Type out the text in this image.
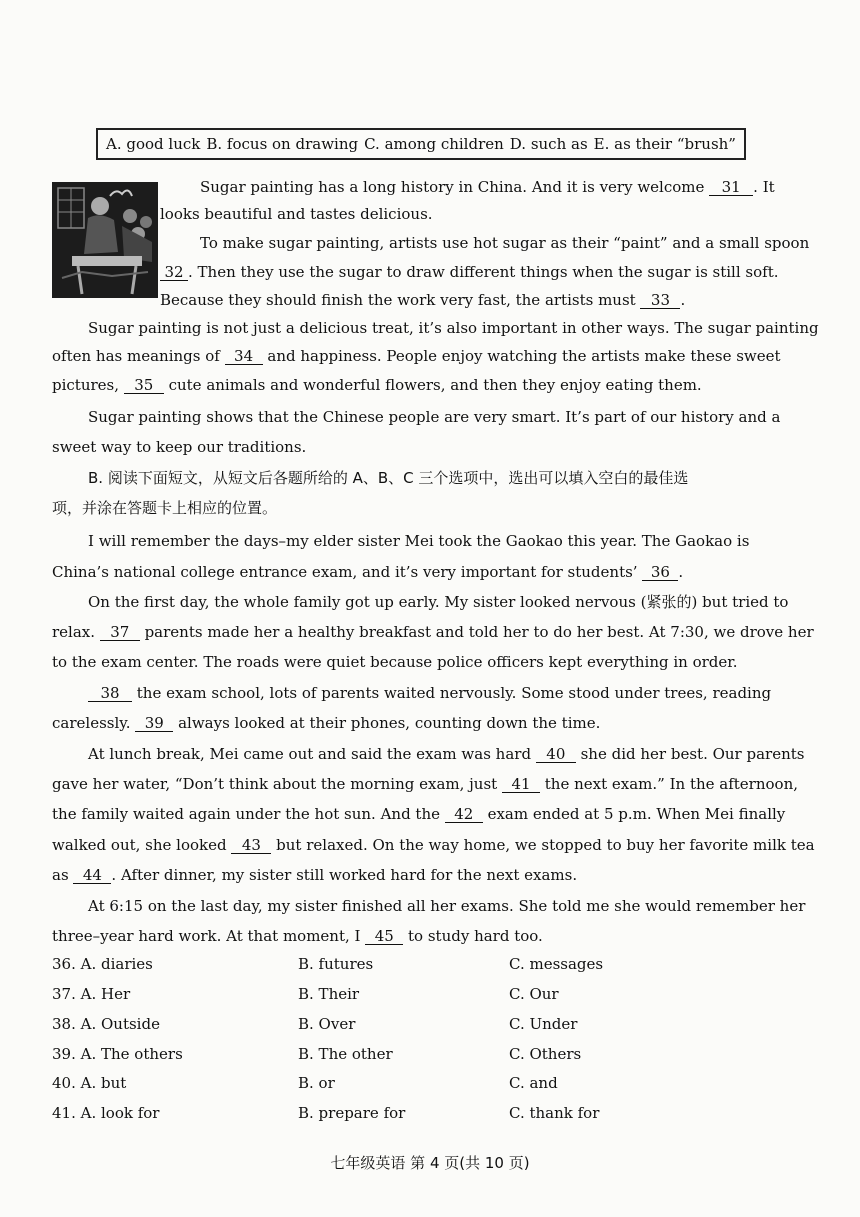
A. good luck B. focus on drawing C. among children D. such as E. as their “brush”
Sugar painting has a long history in China. And it is very welcome 31 . It
looks beautiful and tastes delicious.
To make sugar painting, artists use hot sugar as their “paint” and a small spoon
32 . Then they use the sugar to draw different things when the sugar is still soft.
Because they should finish the work very fast, the artists must 33 .
Sugar painting is not just a delicious treat, it’s also important in other ways. The sugar painting
often has meanings of 34 and happiness. People enjoy watching the artists make these sweet
pictures, 35 cute animals and wonderful flowers, and then they enjoy eating them.
Sugar painting shows that the Chinese people are very smart. It’s part of our history and a
sweet way to keep our traditions.
B. 阅读下面短文，从短文后各题所给的 A、B、C 三个选项中，选出可以填入空白的最佳选
项，并涂在答题卡上相应的位置。
I will remember the days–my elder sister Mei took the Gaokao this year. The Gaokao is
China’s national college entrance exam, and it’s very important for students’ 36 .
On the first day, the whole family got up early. My sister looked nervous (紧张的) but tried to
relax. 37 parents made her a healthy breakfast and told her to do her best. At 7:30, we drove her
to the exam center. The roads were quiet because police officers kept everything in order.
38 the exam school, lots of parents waited nervously. Some stood under trees, reading
carelessly. 39 always looked at their phones, counting down the time.
At lunch break, Mei came out and said the exam was hard 40 she did her best. Our parents
gave her water, “Don’t think about the morning exam, just 41 the next exam.” In the afternoon,
the family waited again under the hot sun. And the 42 exam ended at 5 p.m. When Mei finally
walked out, she looked 43 but relaxed. On the way home, we stopped to buy her favorite milk tea
as 44 . After dinner, my sister still worked hard for the next exams.
At 6:15 on the last day, my sister finished all her exams. She told me she would remember her
three–year hard work. At that moment, I 45 to study hard too.
36. A. diaries	B. futures	C. messages
37. A. Her	B. Their	C. Our
38. A. Outside	B. Over	C. Under
39. A. The others	B. The other	C. Others
40. A. but	B. or	C. and
41. A. look for	B. prepare for	C. thank for
七年级英语 第 4 页(共 10 页)
